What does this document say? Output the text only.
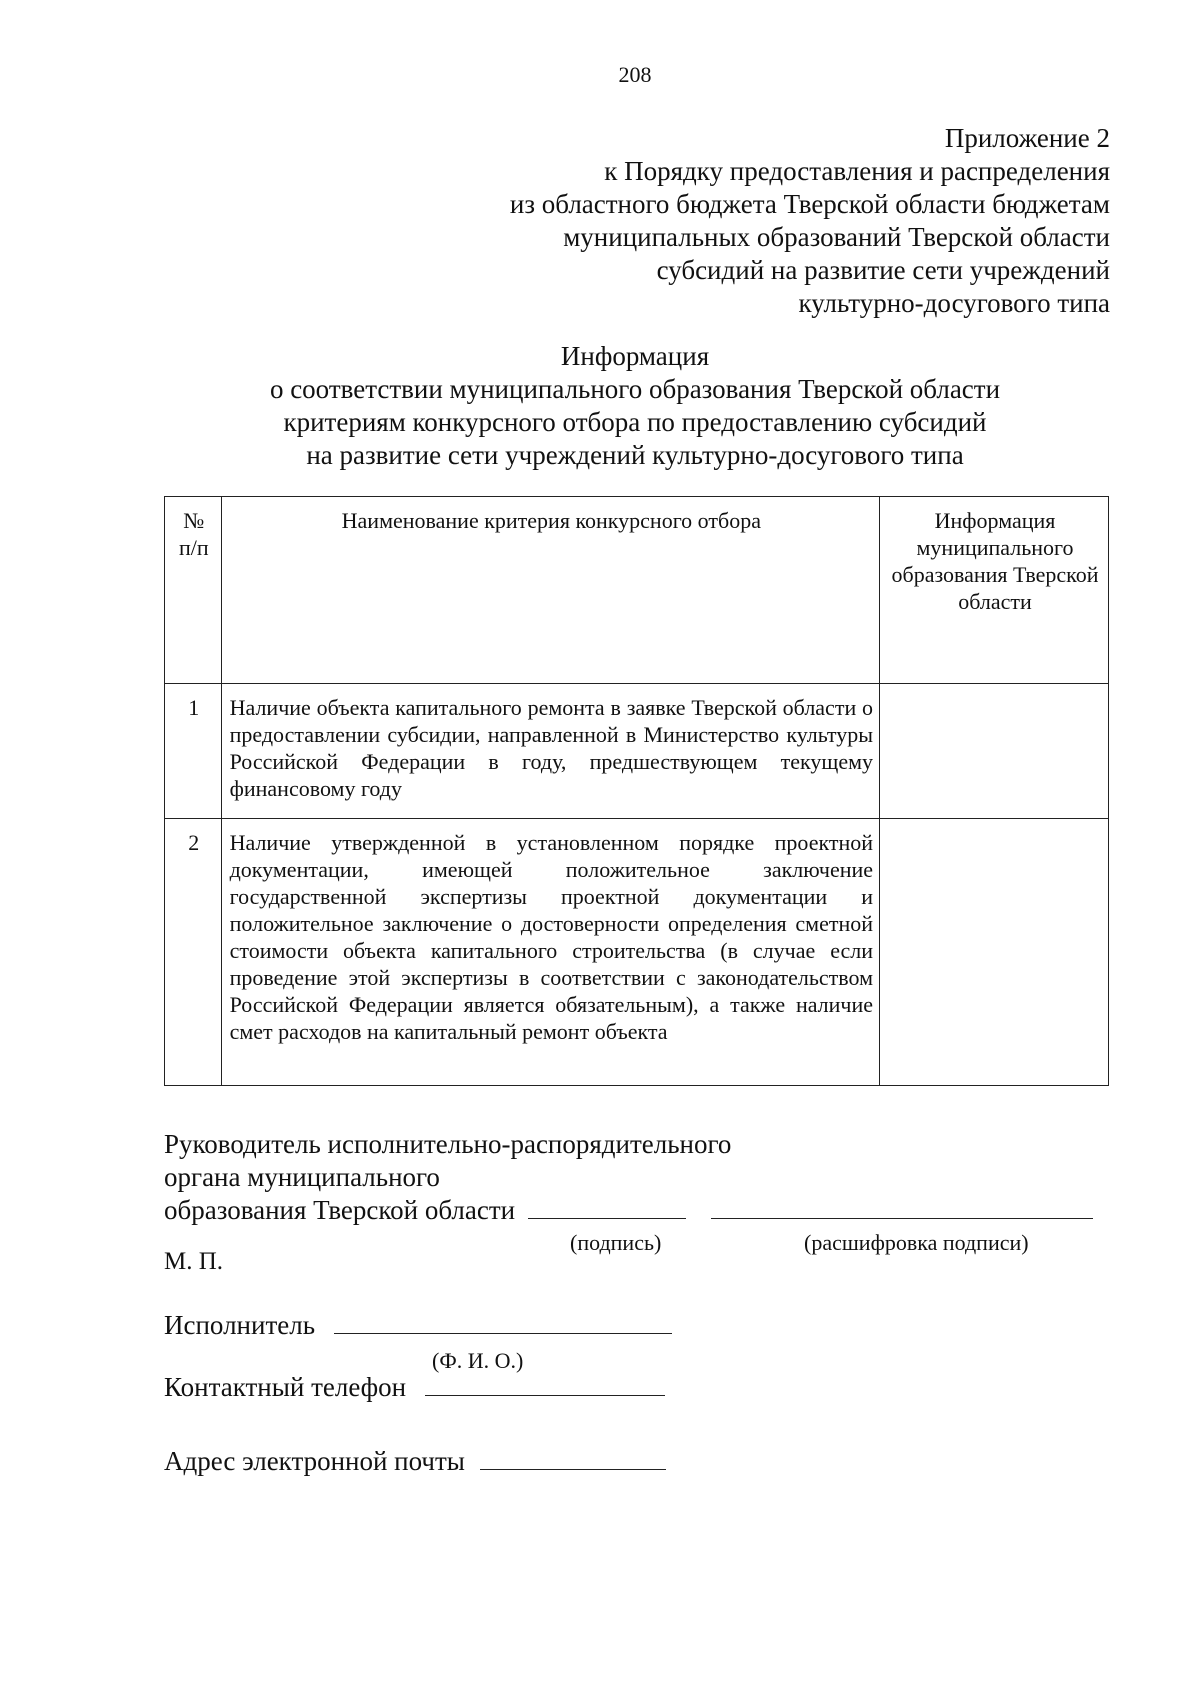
208
Приложение 2
к Порядку предоставления и распределения
из областного бюджета Тверской области бюджетам
муниципальных образований Тверской области
субсидий на развитие сети учреждений
культурно-досугового типа
Информация
о соответствии муниципального образования Тверской области
критериям конкурсного отбора по предоставлению субсидий
на развитие сети учреждений культурно-досугового типа
№ п/п	Наименование критерия конкурсного отбора	Информация муниципального образования Тверской области
1	Наличие объекта капитального ремонта в заявке Тверской области о предоставлении субсидии, направленной в Министерство культуры Российской Федерации в году, предшествующем текущему финансовому году	
2	Наличие утвержденной в установленном порядке проектной документации, имеющей положительное заключение государственной экспертизы проектной документации и положительное заключение о достоверности определения сметной стоимости объекта капитального строительства (в случае если проведение этой экспертизы в соответствии с законодательством Российской Федерации является обязательным), а также наличие смет расходов на капитальный ремонт объекта	
Руководитель исполнительно-распорядительного
органа муниципального
образования Тверской области
(подпись)	(расшифровка подписи)
М. П.
Исполнитель
(Ф. И. О.)
Контактный телефон
Адрес электронной почты
